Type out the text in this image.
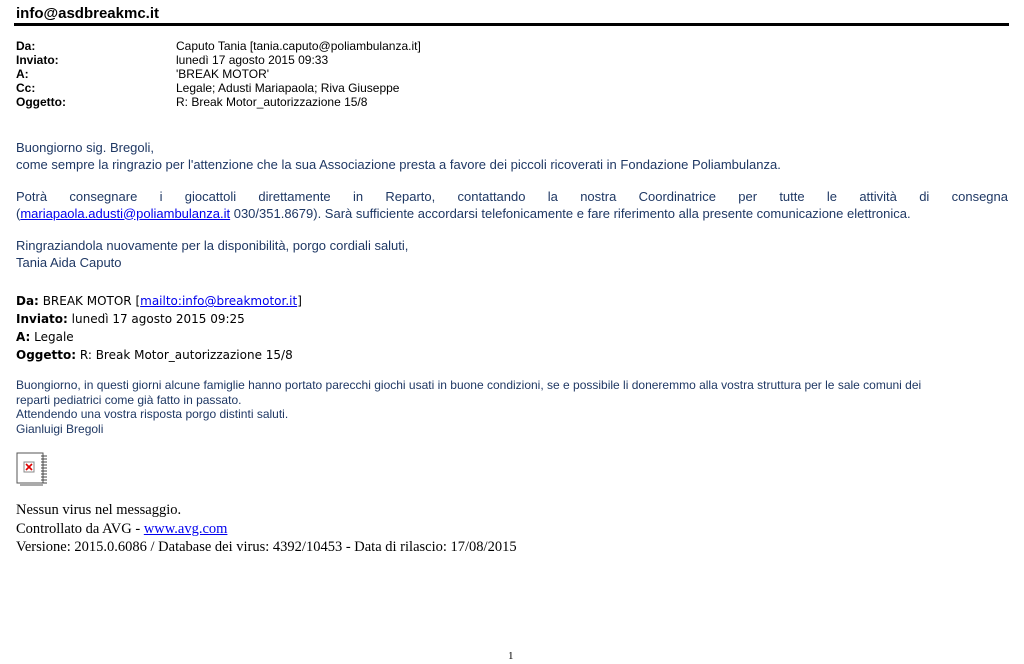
info@asdbreakmc.it
Da:	Caputo Tania [tania.caputo@poliambulanza.it]
Inviato:	lunedì 17 agosto 2015 09:33
A:	'BREAK MOTOR'
Cc:	Legale; Adusti Mariapaola; Riva Giuseppe
Oggetto:	R: Break Motor_autorizzazione 15/8

Buongiorno sig. Bregoli,

come sempre la ringrazio per l'attenzione che la sua Associazione presta a favore dei piccoli ricoverati in Fondazione Poliambulanza.

Potrà consegnare i giocattoli direttamente in Reparto, contattando la nostra Coordinatrice per tutte le attività di consegna

(mariapaola.adusti@poliambulanza.it 030/351.8679). Sarà sufficiente accordarsi telefonicamente e fare riferimento alla presente comunicazione elettronica.

Ringraziandola nuovamente per la disponibilità, porgo cordiali saluti,

Tania Aida Caputo

Da: BREAK MOTOR [mailto:info@breakmotor.it]
Inviato: lunedì 17 agosto 2015 09:25
A: Legale
Oggetto: R: Break Motor_autorizzazione 15/8

Buongiorno, in questi giorni alcune famiglie hanno portato parecchi giochi usati in buone condizioni, se e possibile li doneremmo alla vostra struttura per le sale comuni dei

reparti pediatrici come già fatto in passato.

Attendendo una vostra risposta porgo distinti saluti.

Gianluigi Bregoli

Nessun virus nel messaggio.
Controllato da AVG - www.avg.com
Versione: 2015.0.6086 / Database dei virus: 4392/10453 - Data di rilascio: 17/08/2015
1
